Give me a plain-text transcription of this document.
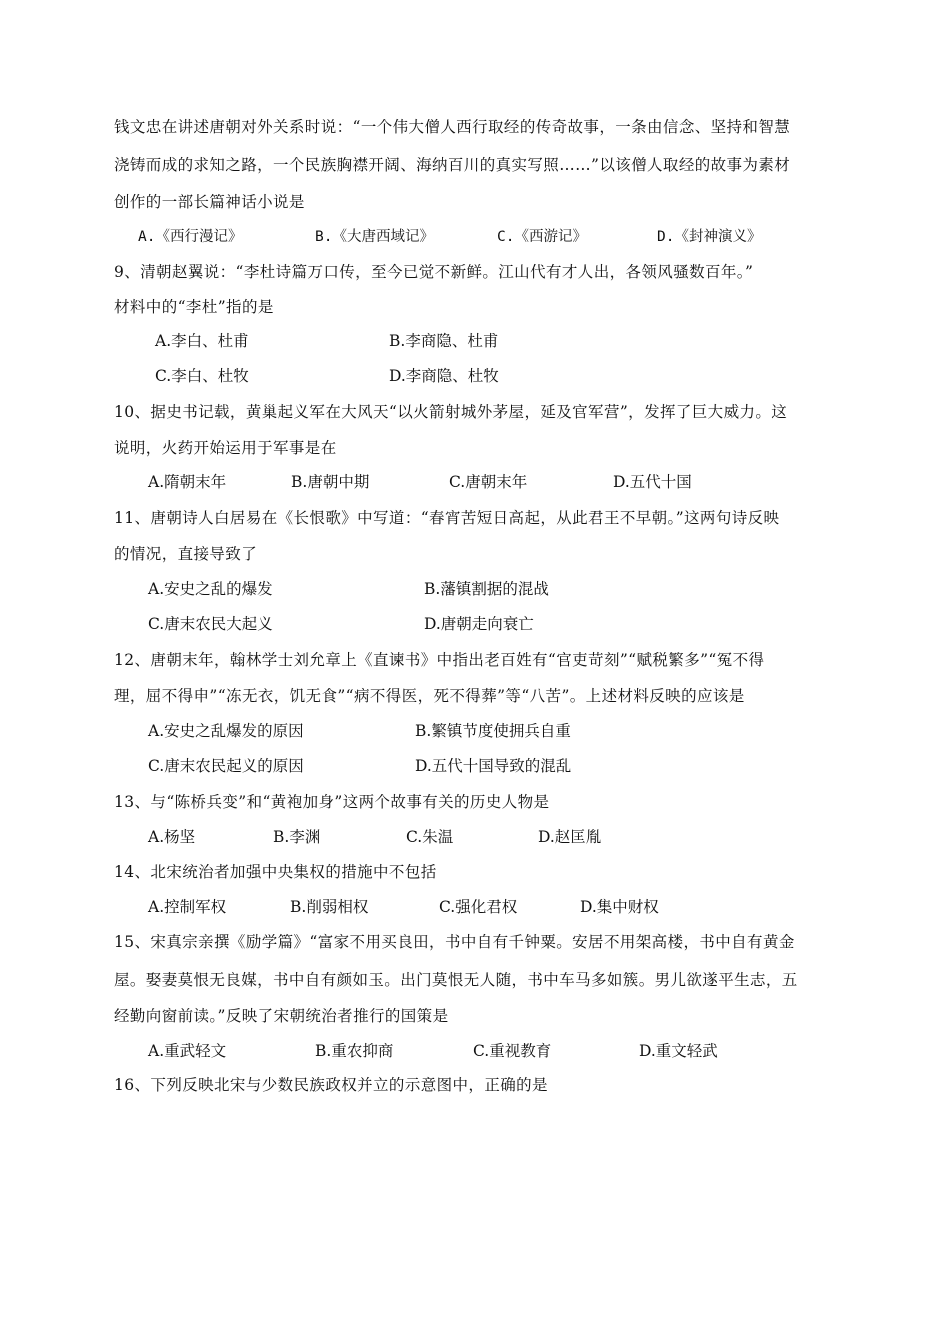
钱文忠在讲述唐朝对外关系时说：“一个伟大僧人西行取经的传奇故事，一条由信念、坚持和智慧
浇铸而成的求知之路，一个民族胸襟开阔、海纳百川的真实写照……”以该僧人取经的故事为素材
创作的一部长篇神话小说是
A.《西行漫记》	B.《大唐西域记》	C.《西游记》	D.《封神演义》
9、清朝赵翼说：“李杜诗篇万口传，至今已觉不新鲜。江山代有才人出，各领风骚数百年。”
材料中的“李杜”指的是
A.李白、杜甫	B.李商隐、杜甫
C.李白、杜牧	D.李商隐、杜牧
10、据史书记载，黄巢起义军在大风天“以火箭射城外茅屋，延及官军营”，发挥了巨大威力。这
说明，火药开始运用于军事是在
A.隋朝末年	B.唐朝中期	C.唐朝末年	D.五代十国
11、唐朝诗人白居易在《长恨歌》中写道：“春宵苦短日高起，从此君王不早朝。”这两句诗反映
的情况，直接导致了
A.安史之乱的爆发	B.藩镇割据的混战
C.唐末农民大起义	D.唐朝走向衰亡
12、唐朝末年，翰林学士刘允章上《直谏书》中指出老百姓有“官吏苛刻”“赋税繁多”“冤不得
理，屈不得申”“冻无衣，饥无食”“病不得医，死不得葬”等“八苦”。上述材料反映的应该是
A.安史之乱爆发的原因	B.繁镇节度使拥兵自重
C.唐末农民起义的原因	D.五代十国导致的混乱
13、与“陈桥兵变”和“黄袍加身”这两个故事有关的历史人物是
A.杨坚	B.李渊	C.朱温	D.赵匡胤
14、北宋统治者加强中央集权的措施中不包括
A.控制军权	B.削弱相权	C.强化君权	D.集中财权
15、宋真宗亲撰《励学篇》“富家不用买良田，书中自有千钟粟。安居不用架高楼，书中自有黄金
屋。娶妻莫恨无良媒，书中自有颜如玉。出门莫恨无人随，书中车马多如簇。男儿欲遂平生志，五
经勤向窗前读。”反映了宋朝统治者推行的国策是
A.重武轻文	B.重农抑商	C.重视教育	D.重文轻武
16、下列反映北宋与少数民族政权并立的示意图中，正确的是
